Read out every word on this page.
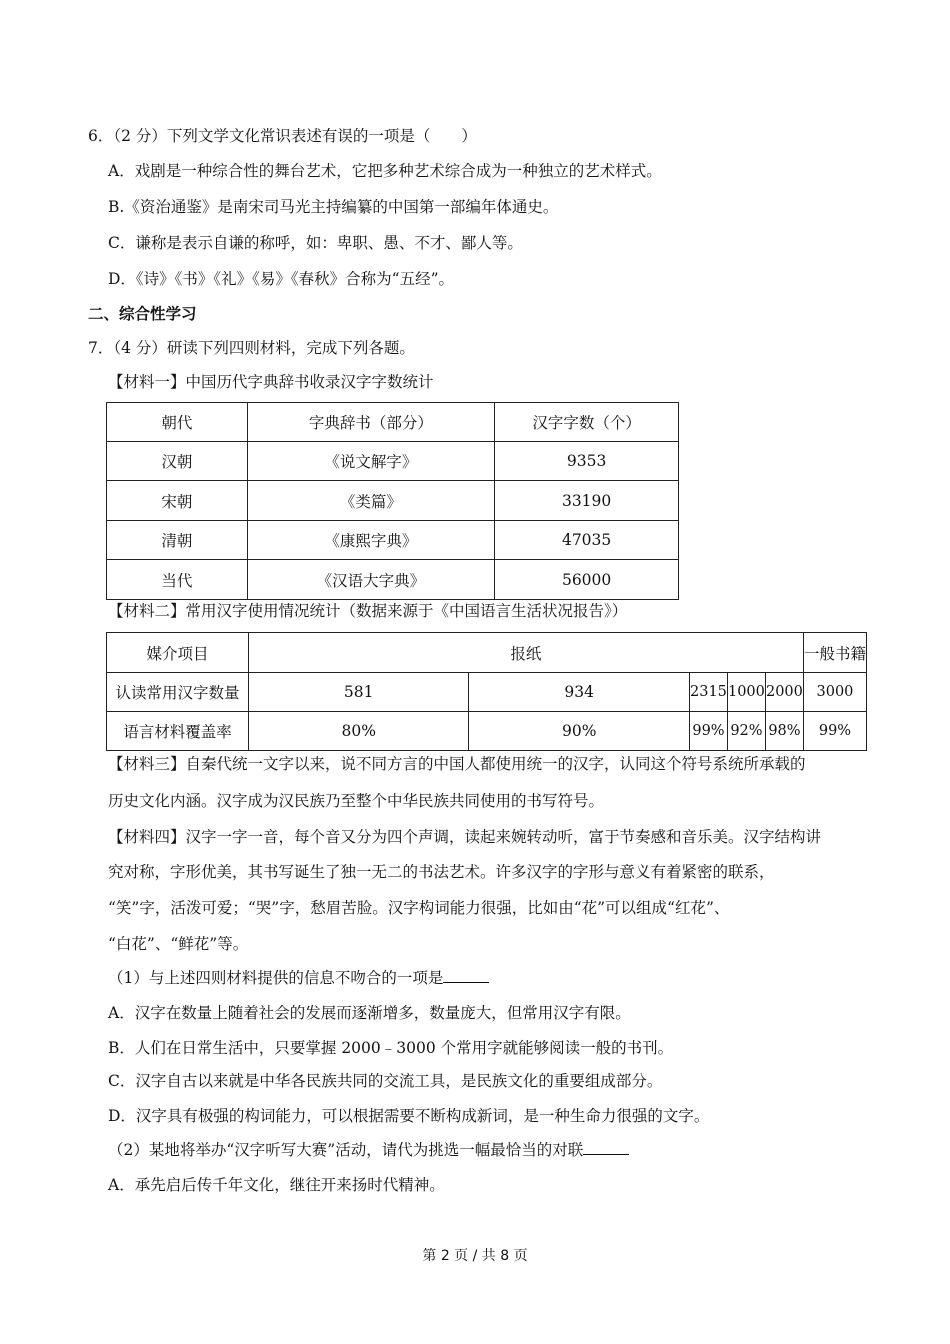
6．（2 分）下列文学文化常识表述有误的一项是（　　）
A．戏剧是一种综合性的舞台艺术，它把多种艺术综合成为一种独立的艺术样式。
B.《资治通鉴》是南宋司马光主持编纂的中国第一部编年体通史。
C．谦称是表示自谦的称呼，如：卑职、愚、不才、鄙人等。
D．《诗》《书》《礼》《易》《春秋》合称为“五经”。
二、综合性学习
7．（4 分）研读下列四则材料，完成下列各题。
【材料一】中国历代字典辞书收录汉字字数统计
朝代	字典辞书（部分）	汉字字数（个）
汉朝	《说文解字》	9353
宋朝	《类篇》	33190
清朝	《康熙字典》	47035
当代	《汉语大字典》	56000
【材料二】常用汉字使用情况统计（数据来源于《中国语言生活状况报告》）
媒介项目	报纸					一般书籍
认读常用汉字数量	581	934	2315	1000	2000	3000
语言材料覆盖率	80%	90%	99%	92%	98%	99%
【材料三】自秦代统一文字以来，说不同方言的中国人都使用统一的汉字，认同这个符号系统所承载的
历史文化内涵。汉字成为汉民族乃至整个中华民族共同使用的书写符号。
【材料四】汉字一字一音，每个音又分为四个声调，读起来婉转动听，富于节奏感和音乐美。汉字结构讲
究对称，字形优美，其书写诞生了独一无二的书法艺术。许多汉字的字形与意义有着紧密的联系，
“笑”字，活泼可爱；“哭”字，愁眉苦脸。汉字构词能力很强，比如由“花”可以组成“红花”、
“白花”、“鲜花”等。
（1）与上述四则材料提供的信息不吻合的一项是
A．汉字在数量上随着社会的发展而逐渐增多，数量庞大，但常用汉字有限。
B．人们在日常生活中，只要掌握 2000﹣3000 个常用字就能够阅读一般的书刊。
C．汉字自古以来就是中华各民族共同的交流工具，是民族文化的重要组成部分。
D．汉字具有极强的构词能力，可以根据需要不断构成新词，是一种生命力很强的文字。
（2）某地将举办“汉字听写大赛”活动，请代为挑选一幅最恰当的对联
A．承先启后传千年文化，继往开来扬时代精神。
第 2 页 / 共 8 页
